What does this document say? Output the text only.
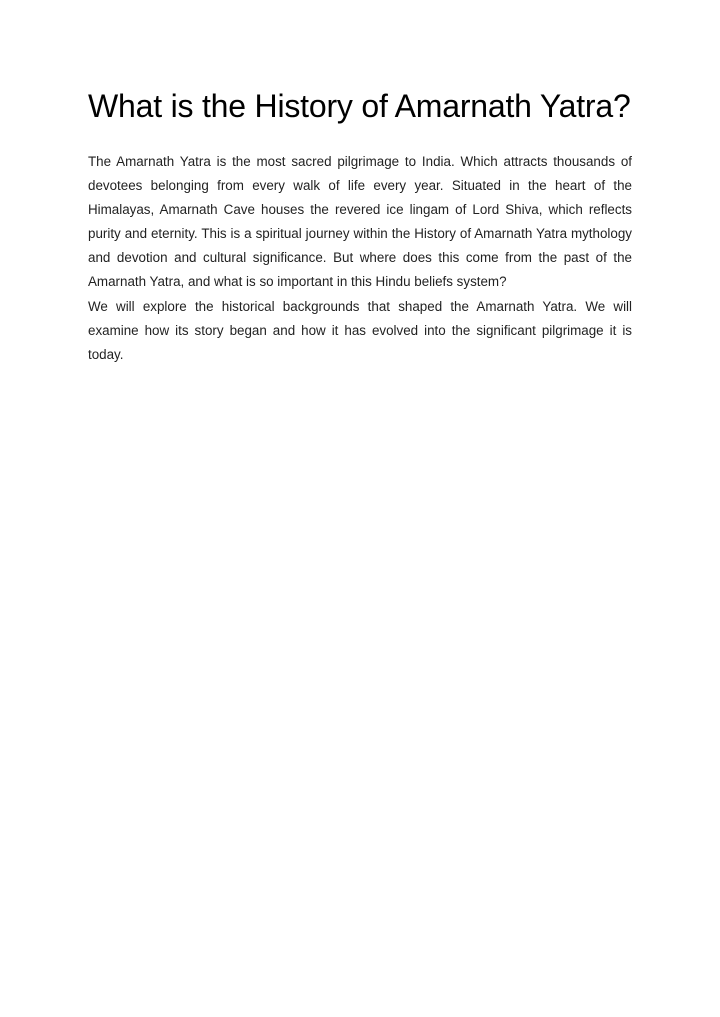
What is the History of Amarnath Yatra?

The Amarnath Yatra is the most sacred pilgrimage to India. Which attracts thousands of devotees belonging from every walk of life every year. Situated in the heart of the Himalayas, Amarnath Cave houses the revered ice lingam of Lord Shiva, which reflects purity and eternity. This is a spiritual journey within the History of Amarnath Yatra mythology and devotion and cultural significance. But where does this come from the past of the Amarnath Yatra, and what is so important in this Hindu beliefs system?

We will explore the historical backgrounds that shaped the Amarnath Yatra. We will examine how its story began and how it has evolved into the significant pilgrimage it is today.
